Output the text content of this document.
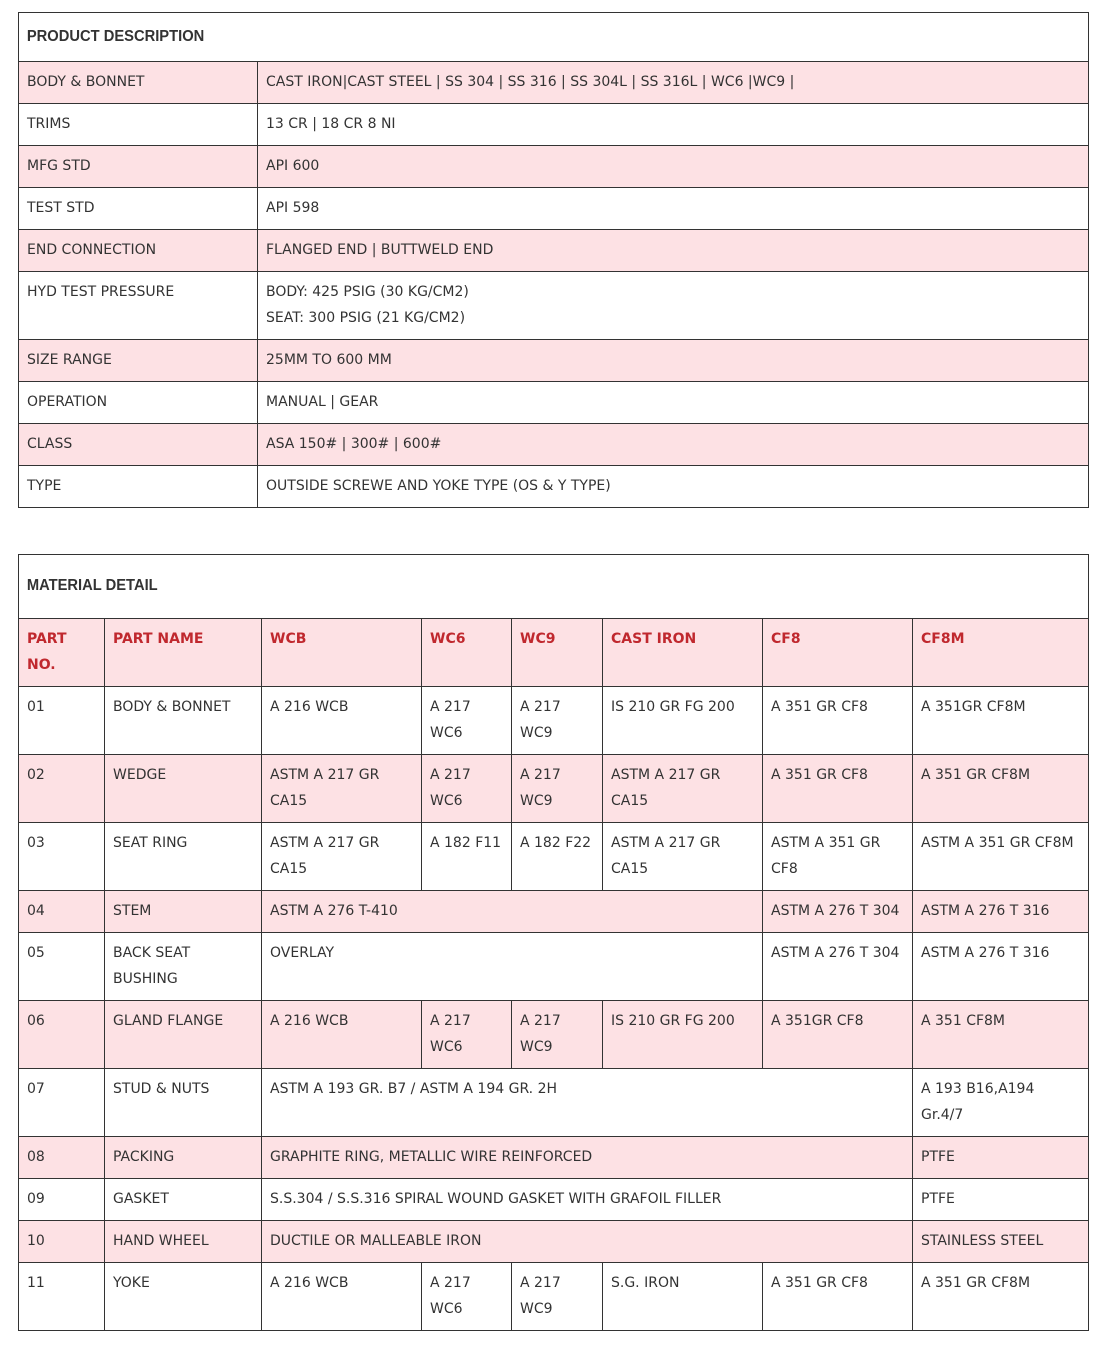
PRODUCT DESCRIPTION	
BODY & BONNET	CAST IRON|CAST STEEL | SS 304 | SS 316 | SS 304L | SS 316L | WC6 |WC9 |
TRIMS	13 CR | 18 CR 8 NI
MFG STD	API 600
TEST STD	API 598
END CONNECTION	FLANGED END | BUTTWELD END
HYD TEST PRESSURE	BODY: 425 PSIG (30 KG/CM2)
SEAT: 300 PSIG (21 KG/CM2)

SIZE RANGE	25MM TO 600 MM
OPERATION	MANUAL | GEAR
CLASS	ASA 150# | 300# | 600#
TYPE	OUTSIDE SCREWE AND YOKE TYPE (OS & Y TYPE)
MATERIAL DETAIL							
PART NO.	PART NAME	WCB	WC6	WC9	CAST IRON	CF8	CF8M
01	BODY & BONNET	A 216 WCB	A 217 WC6	A 217 WC9	IS 210 GR FG 200	A 351 GR CF8	A 351GR CF8M
02	WEDGE	ASTM A 217 GR CA15	A 217 WC6	A 217 WC9	ASTM A 217 GR CA15	A 351 GR CF8	A 351 GR CF8M
03	SEAT RING	ASTM A 217 GR CA15	A 182 F11	A 182 F22	ASTM A 217 GR CA15	ASTM A 351 GR CF8	ASTM A 351 GR CF8M
04	STEM	ASTM A 276 T-410				ASTM A 276 T 304	ASTM A 276 T 316
05	BACK SEAT BUSHING	OVERLAY				ASTM A 276 T 304	ASTM A 276 T 316
06	GLAND FLANGE	A 216 WCB	A 217 WC6	A 217 WC9	IS 210 GR FG 200	A 351GR CF8	A 351 CF8M
07	STUD & NUTS	ASTM A 193 GR. B7 / ASTM A 194 GR. 2H					A 193 B16,A194 Gr.4/7
08	PACKING	GRAPHITE RING, METALLIC WIRE REINFORCED					PTFE
09	GASKET	S.S.304 / S.S.316 SPIRAL WOUND GASKET WITH GRAFOIL FILLER					PTFE
10	HAND WHEEL	DUCTILE OR MALLEABLE IRON					STAINLESS STEEL
11	YOKE	A 216 WCB	A 217 WC6	A 217 WC9	S.G. IRON	A 351 GR CF8	A 351 GR CF8M
